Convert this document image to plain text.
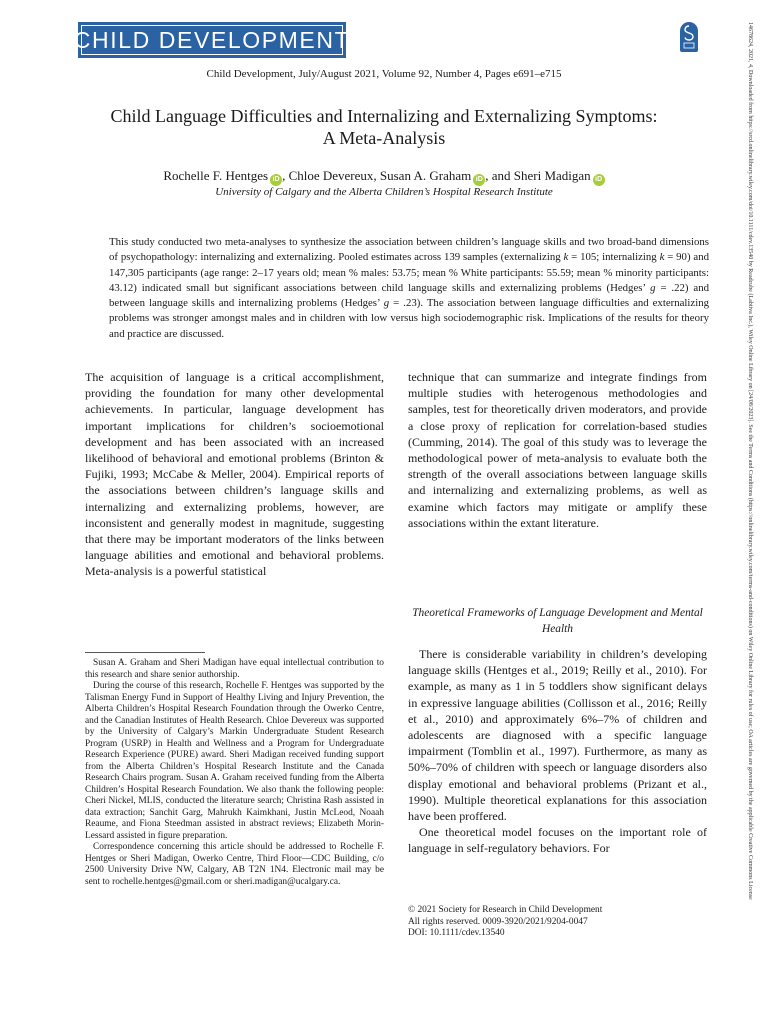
CHILD DEVELOPMENT
Child Development, July/August 2021, Volume 92, Number 4, Pages e691–e715
Child Language Difficulties and Internalizing and Externalizing Symptoms:
A Meta-Analysis
Rochelle F. Hentges iD , Chloe Devereux, Susan A. Graham iD , and Sheri Madigan iD
University of Calgary and the Alberta Children’s Hospital Research Institute
This study conducted two meta-analyses to synthesize the association between children’s language skills and two broad-band dimensions of psychopathology: internalizing and externalizing. Pooled estimates across 139 samples (externalizing k = 105; internalizing k = 90) and 147,305 participants (age range: 2–17 years old; mean % males: 53.75; mean % White participants: 55.59; mean % minority participants: 43.12) indicated small but significant associations between child language skills and externalizing problems (Hedges’ g = .22) and between language skills and internalizing problems (Hedges’ g = .23). The association between language difficulties and externalizing problems was stronger amongst males and in children with low versus high sociodemographic risk. Implications of the results for theory and practice are discussed.

The acquisition of language is a critical accomplishment, providing the foundation for many other developmental achievements. In particular, language development has important implications for children’s socioemotional development and has been associated with an increased likelihood of behavioral and emotional problems (Brinton & Fujiki, 1993; McCabe & Meller, 2004). Empirical reports of the associations between children’s language skills and internalizing and externalizing problems, however, are inconsistent and generally modest in magnitude, suggesting that there may be important moderators of the links between language abilities and emotional and behavioral problems. Meta-analysis is a powerful statistical

technique that can summarize and integrate findings from multiple studies with heterogenous methodologies and samples, test for theoretically driven moderators, and provide a close proxy of replication for correlation-based studies (Cumming, 2014). The goal of this study was to leverage the methodological power of meta-analysis to evaluate both the strength of the overall associations between language skills and internalizing and externalizing problems, as well as examine which factors may mitigate or amplify these associations within the extant literature.

Theoretical Frameworks of Language Development and Mental Health

There is considerable variability in children’s developing language skills (Hentges et al., 2019; Reilly et al., 2010). For example, as many as 1 in 5 toddlers show significant delays in expressive language abilities (Collisson et al., 2016; Reilly et al., 2010) and approximately 6%–7% of children and adolescents are diagnosed with a specific language impairment (Tomblin et al., 1997). Furthermore, as many as 50%–70% of children with speech or language disorders also display emotional and behavioral problems (Prizant et al., 1990). Multiple theoretical explanations for this association have been proffered.

One theoretical model focuses on the important role of language in self-regulatory behaviors. For

Susan A. Graham and Sheri Madigan have equal intellectual contribution to this research and share senior authorship.

During the course of this research, Rochelle F. Hentges was supported by the Talisman Energy Fund in Support of Healthy Living and Injury Prevention, the Alberta Children’s Hospital Research Foundation through the Owerko Centre, and the Canadian Institutes of Health Research. Chloe Devereux was supported by the University of Calgary’s Markin Undergraduate Student Research Program (USRP) in Health and Wellness and a Program for Undergraduate Research Experience (PURE) award. Sheri Madigan received funding support from the Alberta Children’s Hospital Research Institute and the Canada Research Chairs program. Susan A. Graham received funding from the Alberta Children’s Hospital Research Foundation. We also thank the following people: Cheri Nickel, MLIS, conducted the literature search; Christina Rash assisted in data extraction; Sanchit Garg, Mahrukh Kaimkhani, Justin McLeod, Noaah Reaume, and Fiona Steedman assisted in abstract reviews; Elizabeth Morin-Lessard assisted in figure preparation.

Correspondence concerning this article should be addressed to Rochelle F. Hentges or Sheri Madigan, Owerko Centre, Third Floor—CDC Building, c/o 2500 University Drive NW, Calgary, AB T2N 1N4. Electronic mail may be sent to rochelle.hentges@gmail.com or sheri.madigan@ucalgary.ca.

© 2021 Society for Research in Child Development
All rights reserved. 0009-3920/2021/9204-0047
DOI: 10.1111/cdev.13540
14678624, 2021, 4, Downloaded from https://srcd.onlinelibrary.wiley.com/doi/10.1111/cdev.13540 by Readcube (Labtiva Inc.), Wiley Online Library on [24/08/2023]. See the Terms and Conditions (https://onlinelibrary.wiley.com/terms-and-conditions) on Wiley Online Library for rules of use; OA articles are governed by the applicable Creative Commons License
